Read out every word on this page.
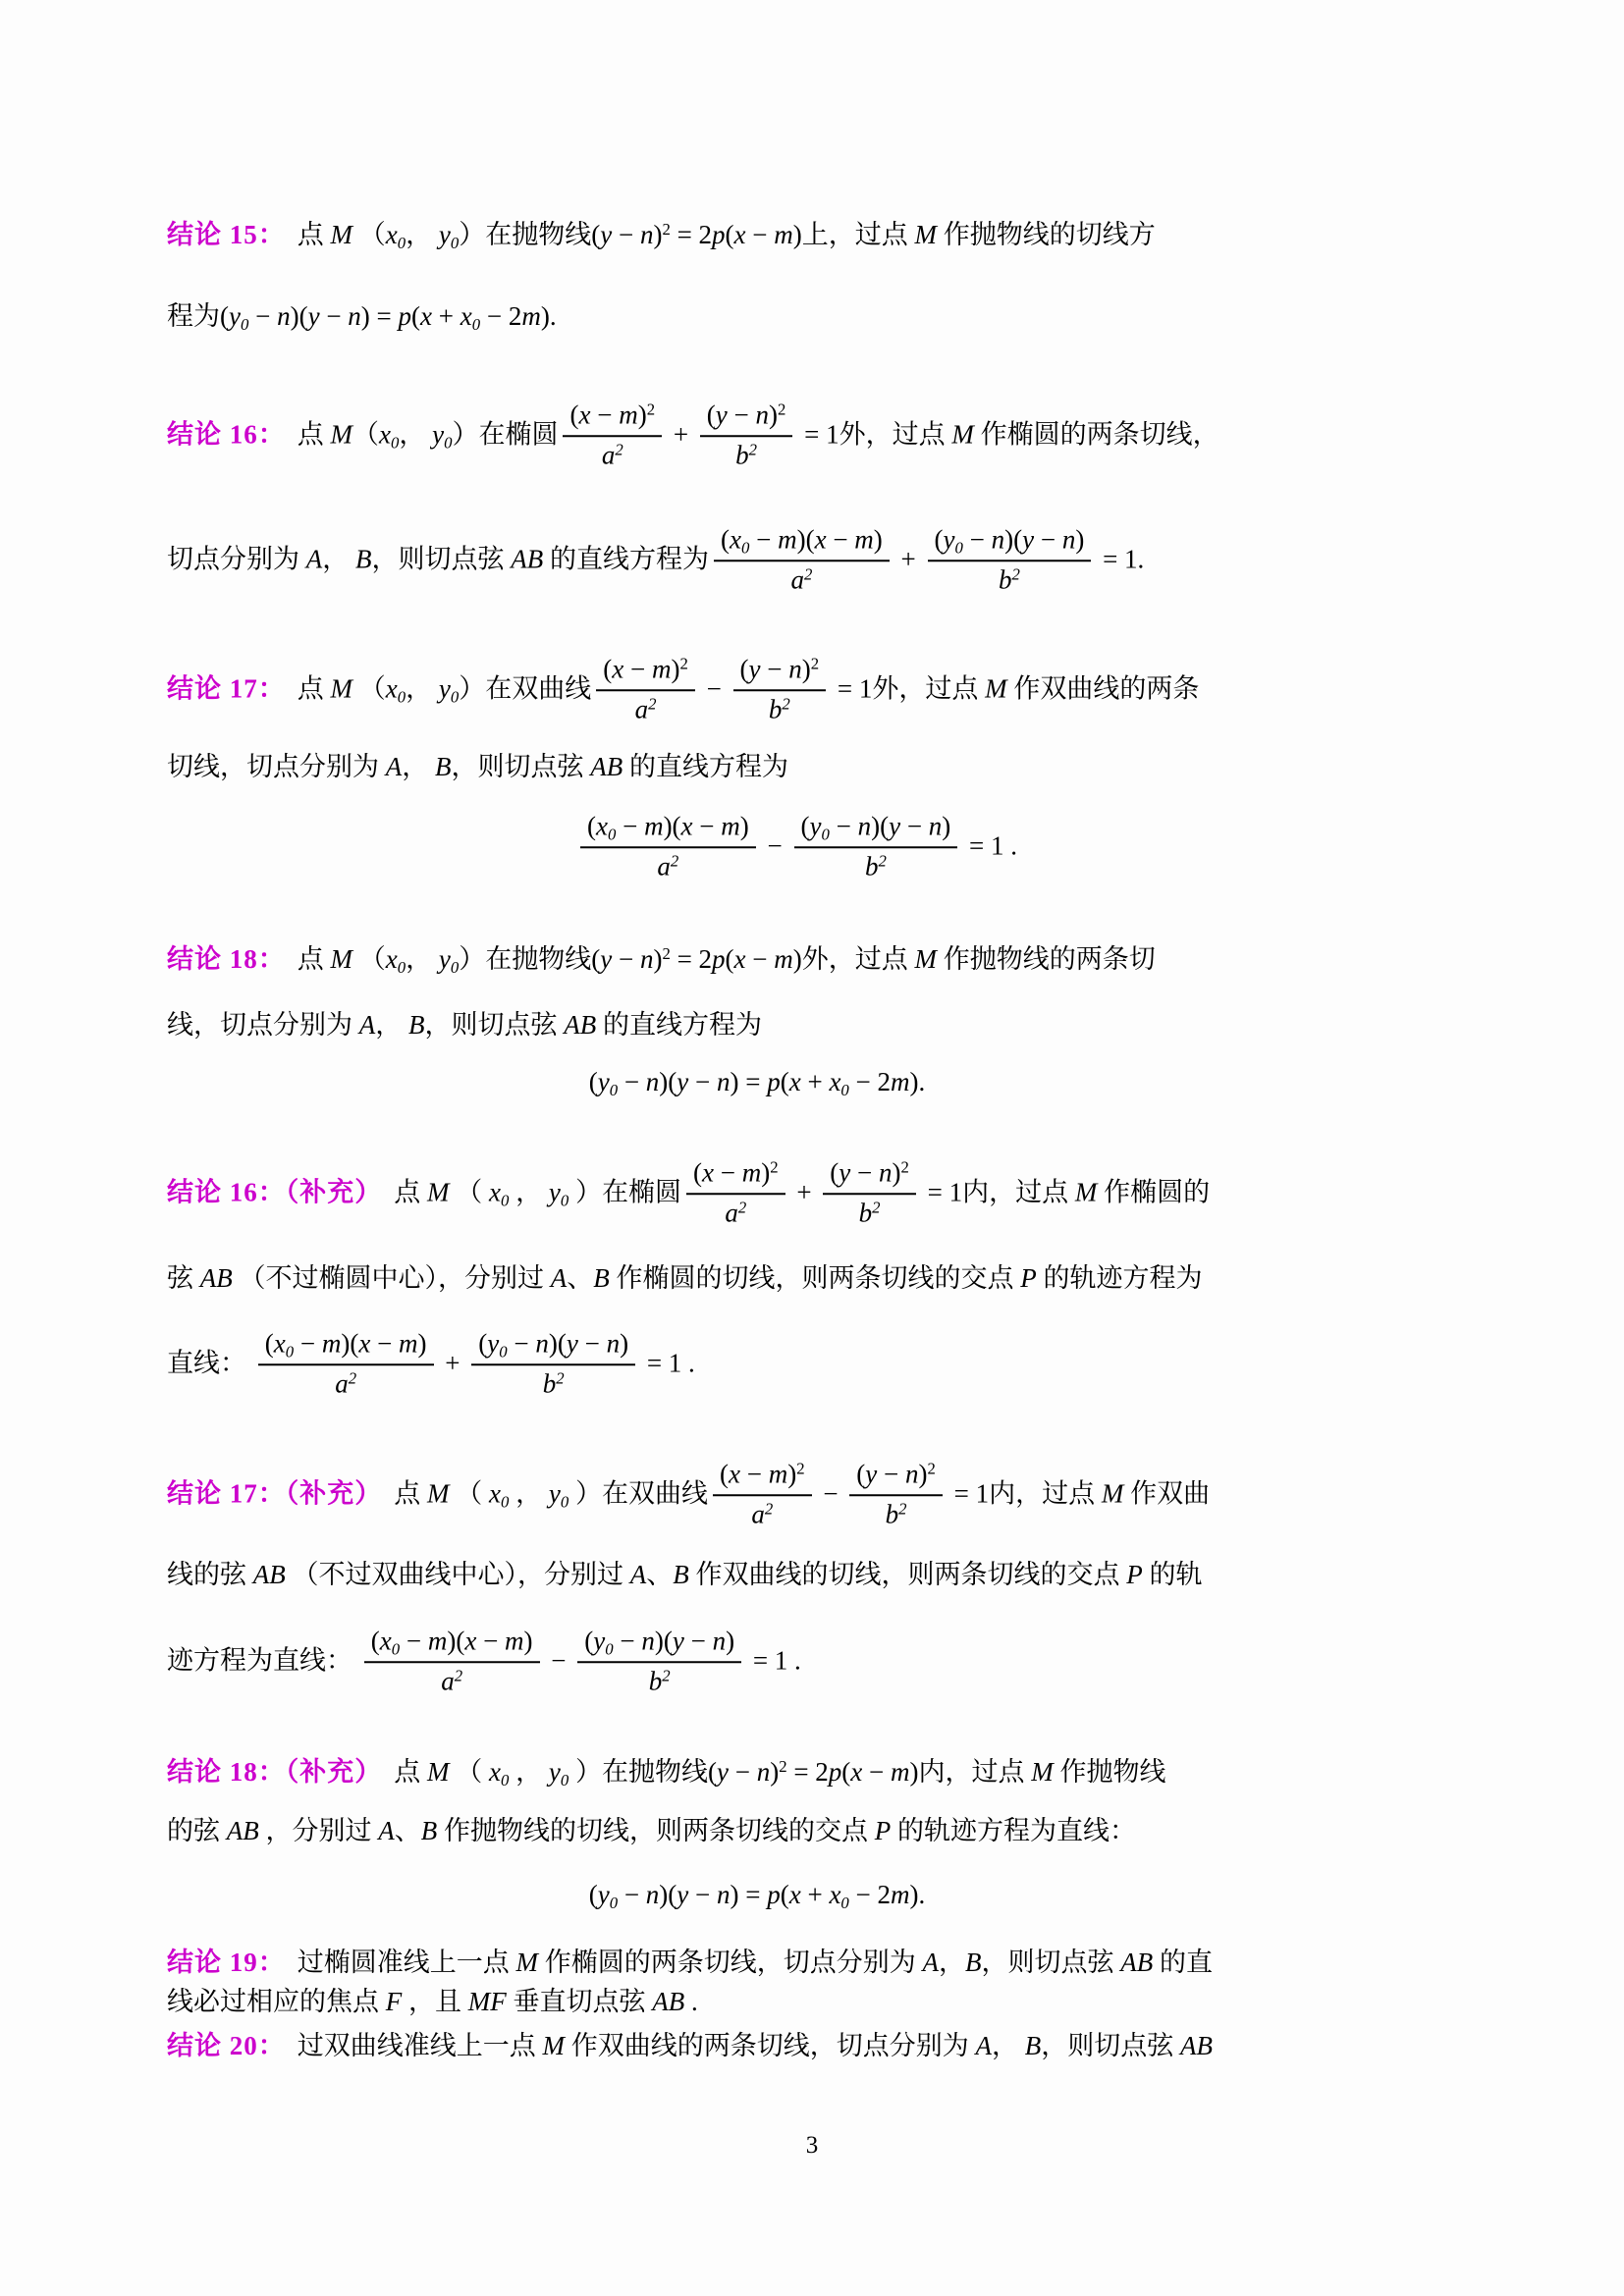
结论 15： 点 M （ x0 ， y0 ）在抛物线 ( y − n )$^2$ = 2 p ( x − m ) 上，过点 M 作抛物线的切线方
程为 ( y0 − n )( y − n ) = p ( x + x0 − 2 m ).
结论 16： 点 M （ x0 ， y0 ）在椭圆
$(x - m)^2$
$a^2$
+ $\frac{(y - n)^2}{b^2} = 1$ 外，过点 M 作椭圆的两条切线，
切点分别为 A ， B ，则切点弦 AB 的直线方程为
(x0 − m)(x − m)
$a^2$
+ $\frac{(y0 - n)(y - n)}{b^2} = 1$.
结论 17： 点 M （ x0 ， y0 ）在双曲线
$(x - m)^2$
$a^2$
− $\frac{(y - n)^2}{b^2} = 1$ 外，过点 M 作双曲线的两条
切线，切点分别为 A ， B ，则切点弦 AB 的直线方程为
(x0 − m)(x − m)
$a^2$
− $\frac{(y0 - n)(y - n)}{b^2} = 1$ .
结论 18： 点 M （ x0 ， y0 ）在抛物线 ( y − n )$^2$ = 2 p ( x − m ) 外，过点 M 作抛物线的两条切
线，切点分别为 A ， B ，则切点弦 AB 的直线方程为
( y0 − n )( y − n ) = p ( x + x0 − 2 m ).
结论 16：（补充） 点 M （ x0 ， y0 ）在椭圆
$(x - m)^2$
$a^2$
+ $\frac{(y - n)^2}{b^2} = 1$ 内，过点 M 作椭圆的
弦 AB （不过椭圆中心），分别过 A 、 B 作椭圆的切线，则两条切线的交点 P 的轨迹方程为
直线：
(x0 − m)(x − m)
$a^2$
+ $\frac{(y0 - n)(y - n)}{b^2} = 1$ .
结论 17：（补充） 点 M （ x0 ， y0 ）在双曲线
$(x - m)^2$
$a^2$
− $\frac{(y - n)^2}{b^2} = 1$ 内，过点 M 作双曲
线的弦 AB （不过双曲线中心），分别过 A 、 B 作双曲线的切线，则两条切线的交点 P 的轨
迹方程为直线：
(x0 − m)(x − m)
$a^2$
− $\frac{(y0 - n)(y - n)}{b^2} = 1$ .
结论 18：（补充） 点 M （ x0 ， y0 ）在抛物线 ( y − n )$^2$ = 2 p ( x − m ) 内，过点 M 作抛物线
的弦 AB ，分别过 A 、 B 作抛物线的切线，则两条切线的交点 P 的轨迹方程为直线：
( y0 − n )( y − n ) = p ( x + x0 − 2 m ).
结论 19： 过椭圆准线上一点 M 作椭圆的两条切线，切点分别为 A ， B ，则切点弦 AB 的直
线必过相应的焦点 F ，且 MF 垂直切点弦 AB .
结论 20： 过双曲线准线上一点 M 作双曲线的两条切线，切点分别为 A ， B ，则切点弦 AB
3
